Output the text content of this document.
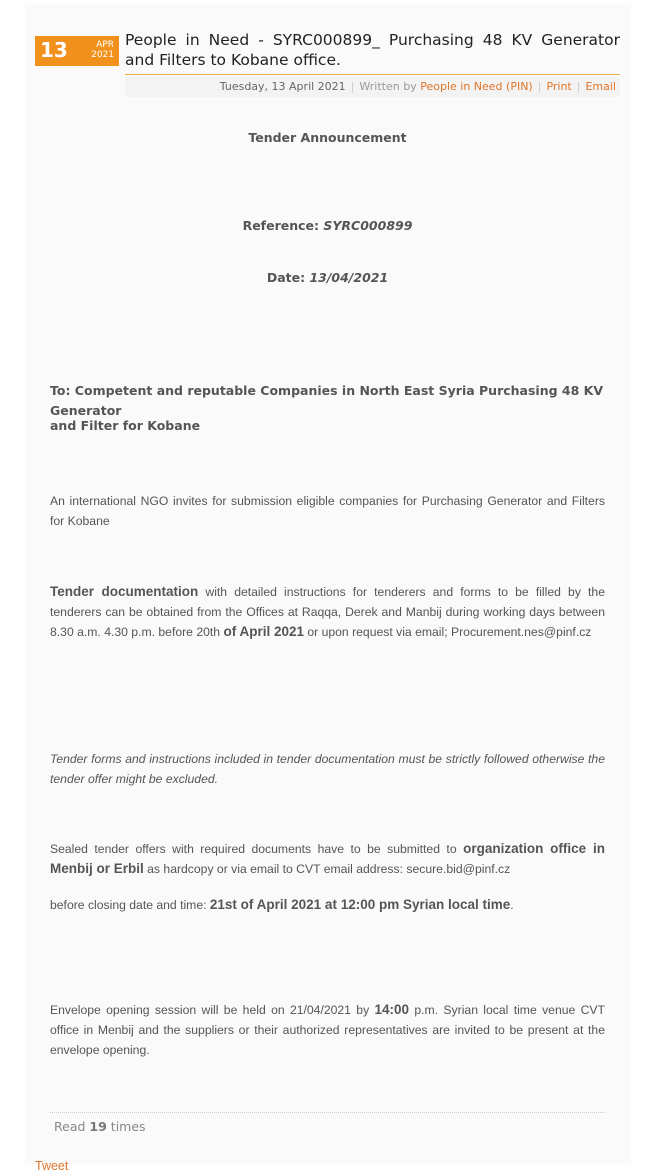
13	APR
2021
People in Need - SYRC000899_ Purchasing 48 KV Generator and Filters to Kobane office.
Tuesday, 13 April 2021 | Written by People in Need (PIN) | Print | Email
Tender Announcement
Reference: SYRC000899
Date: 13/04/2021
To: Competent and reputable Companies in North East Syria Purchasing 48 KV Generator
and Filter for Kobane
An international NGO invites for submission eligible companies for Purchasing Generator and Filters for Kobane
Tender documentation with detailed instructions for tenderers and forms to be filled by the tenderers can be obtained from the Offices at Raqqa, Derek and Manbij during working days between 8.30 a.m. 4.30 p.m. before 20th of April 2021 or upon request via email; Procurement.nes@pinf.cz
Tender forms and instructions included in tender documentation must be strictly followed otherwise the tender offer might be excluded.
Sealed tender offers with required documents have to be submitted to organization office in Menbij or Erbil as hardcopy or via email to CVT email address: secure.bid@pinf.cz
before closing date and time: 21st of April 2021 at 12:00 pm Syrian local time.
Envelope opening session will be held on 21/04/2021 by 14:00 p.m. Syrian local time venue CVT office in Menbij and the suppliers or their authorized representatives are invited to be present at the envelope opening.
Read 19 times
Tweet
